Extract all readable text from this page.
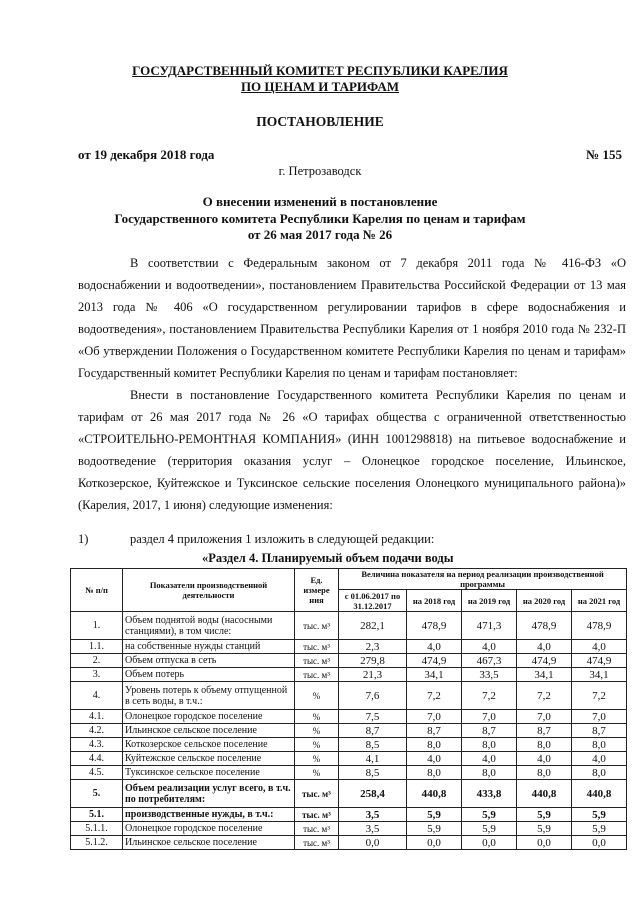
ГОСУДАРСТВЕННЫЙ КОМИТЕТ РЕСПУБЛИКИ КАРЕЛИЯ
ПО ЦЕНАМ И ТАРИФАМ
ПОСТАНОВЛЕНИЕ
от 19 декабря 2018 года	№ 155
г. Петрозаводск
О внесении изменений в постановление
Государственного комитета Республики Карелия по ценам и тарифам
от 26 мая 2017 года № 26

В соответствии с Федеральным законом от 7 декабря 2011 года № 416-ФЗ «О водоснабжении и водоотведении», постановлением Правительства Российской Федерации от 13 мая 2013 года № 406 «О государственном регулировании тарифов в сфере водоснабжения и водоотведения», постановлением Правительства Республики Карелия от 1 ноября 2010 года № 232-П «Об утверждении Положения о Государственном комитете Республики Карелия по ценам и тарифам» Государственный комитет Республики Карелия по ценам и тарифам постановляет:

Внести в постановление Государственного комитета Республики Карелия по ценам и тарифам от 26 мая 2017 года № 26 «О тарифах общества с ограниченной ответственностью «СТРОИТЕЛЬНО-РЕМОНТНАЯ КОМПАНИЯ» (ИНН 1001298818) на питьевое водоснабжение и водоотведение (территория оказания услуг – Олонецкое городское поселение, Ильинское, Коткозерское, Куйтежское и Туксинское сельские поселения Олонецкого муниципального района)» (Карелия, 2017, 1 июня) следующие изменения:

1)	раздел 4 приложения 1 изложить в следующей редакции:
«Раздел 4. Планируемый объем подачи воды
№ п/п	Показатели производственной деятельности	Ед. измере ния	Величина показателя на период реализации производственной программы				
			с 01.06.2017 по 31.12.2017	на 2018 год	на 2019 год	на 2020 год	на 2021 год
1.	Объем поднятой воды (насосными станциями), в том числе:	тыс. м³	282,1	478,9	471,3	478,9	478,9
1.1.	на собственные нужды станций	тыс. м³	2,3	4,0	4,0	4,0	4,0
2.	Объем отпуска в сеть	тыс. м³	279,8	474,9	467,3	474,9	474,9
3.	Объем потерь	тыс. м³	21,3	34,1	33,5	34,1	34,1
4.	Уровень потерь к объему отпущенной в сеть воды, в т.ч.:	%	7,6	7,2	7,2	7,2	7,2
4.1.	Олонецкое городское поселение	%	7,5	7,0	7,0	7,0	7,0
4.2.	Ильинское сельское поселение	%	8,7	8,7	8,7	8,7	8,7
4.3.	Коткозерское сельское поселение	%	8,5	8,0	8,0	8,0	8,0
4.4.	Куйтежское сельское поселение	%	4,1	4,0	4,0	4,0	4,0
4.5.	Туксинское сельское поселение	%	8,5	8,0	8,0	8,0	8,0
5.	Объем реализации услуг всего, в т.ч. по потребителям:	тыс. м³	258,4	440,8	433,8	440,8	440,8
5.1.	производственные нужды, в т.ч.:	тыс. м³	3,5	5,9	5,9	5,9	5,9
5.1.1.	Олонецкое городское поселение	тыс. м³	3,5	5,9	5,9	5,9	5,9
5.1.2.	Ильинское сельское поселение	тыс. м³	0,0	0,0	0,0	0,0	0,0
